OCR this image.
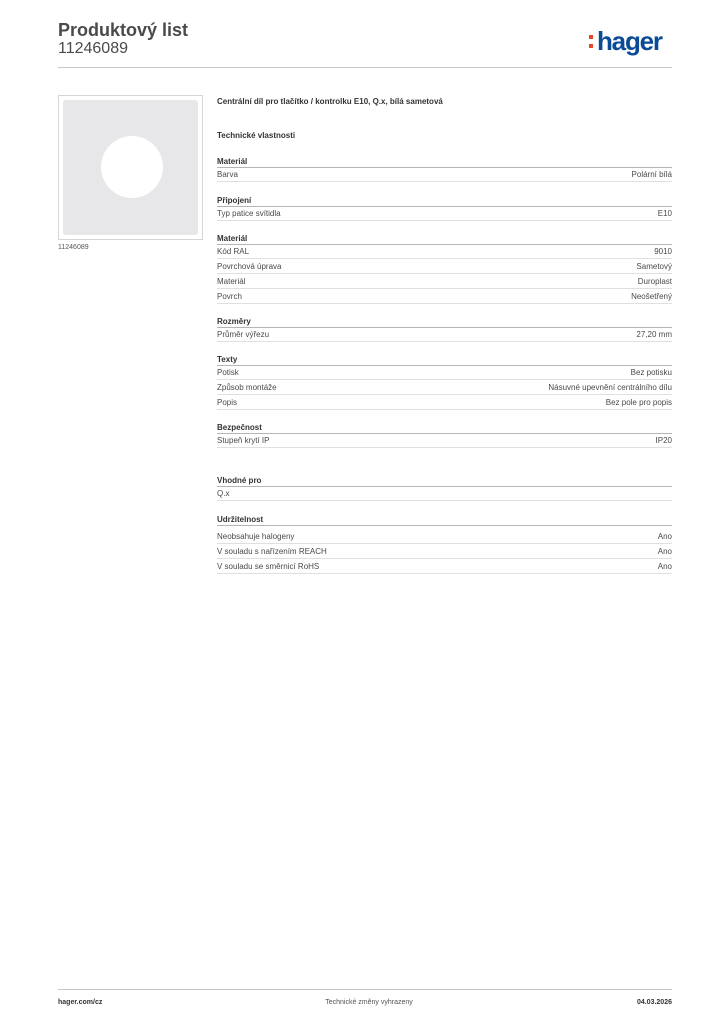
Produktový list
11246089	hager
11246089
Centrální díl pro tlačítko / kontrolku E10, Q.x, bílá sametová
Technické vlastnosti
Materiál
Barva	Polární bílá
Připojení
Typ patice svítidla	E10
Materiál
Kód RAL	9010
Povrchová úprava	Sametový
Materiál	Duroplast
Povrch	Neošetřený
Rozměry
Průměr výřezu	27,20 mm
Texty
Potisk	Bez potisku
Způsob montáže	Násuvné upevnění centrálního dílu
Popis	Bez pole pro popis
Bezpečnost
Stupeň krytí IP	IP20
Vhodné pro
Q.x
Udržitelnost
Neobsahuje halogeny	Ano
V souladu s nařízením REACH	Ano
V souladu se směrnicí RoHS	Ano
hager.com/cz	Technické změny vyhrazeny	04.03.2026
